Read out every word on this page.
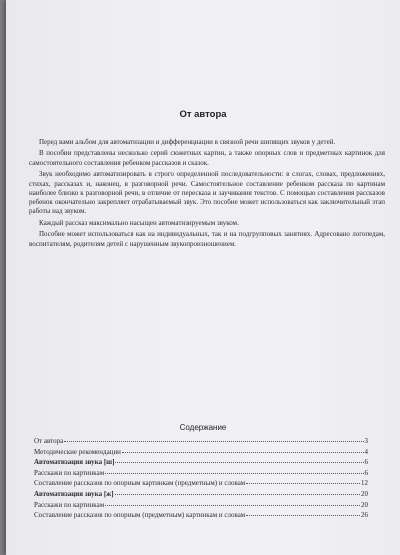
От автора

Перед вами альбом для автоматизации и дифференциации в связной речи шипящих звуков у детей.

В пособии представлены несколько серий сюжетных картин, а также опорных слов и предметных картинок для самостоятельного составления ребенком рассказов и сказок.

Звук необходимо автоматизировать в строго определенной последовательности: в слогах, словах, предложениях, стихах, рассказах и, наконец, в разговорной речи. Самостоятельное составление ребенком рассказа по картинам наиболее близко к разговорной речи, в отличие от пересказа и заучивания текстов. С помощью составления рассказов ребенок окончательно закрепляет отрабатываемый звук. Это пособие может использоваться как заключительный этап работы над звуком.

Каждый рассказ максимально насыщен автоматизируемым звуком.

Пособие может использоваться как на индивидуальных, так и на подгрупповых занятиях. Адресовано логопедам, воспитателям, родителям детей с нарушенным звукопроизношением.

Содержание
От автора	3
Методические рекомендации	4
Автоматизация звука [ш]	6
Расскажи по картинкам	6
Составление рассказов по опорным картинкам (предметным) и словам	12
Автоматизация звука [ж]	20
Расскажи по картинкам	20
Составление рассказов по опорным (предметным) картинкам и словам	26
